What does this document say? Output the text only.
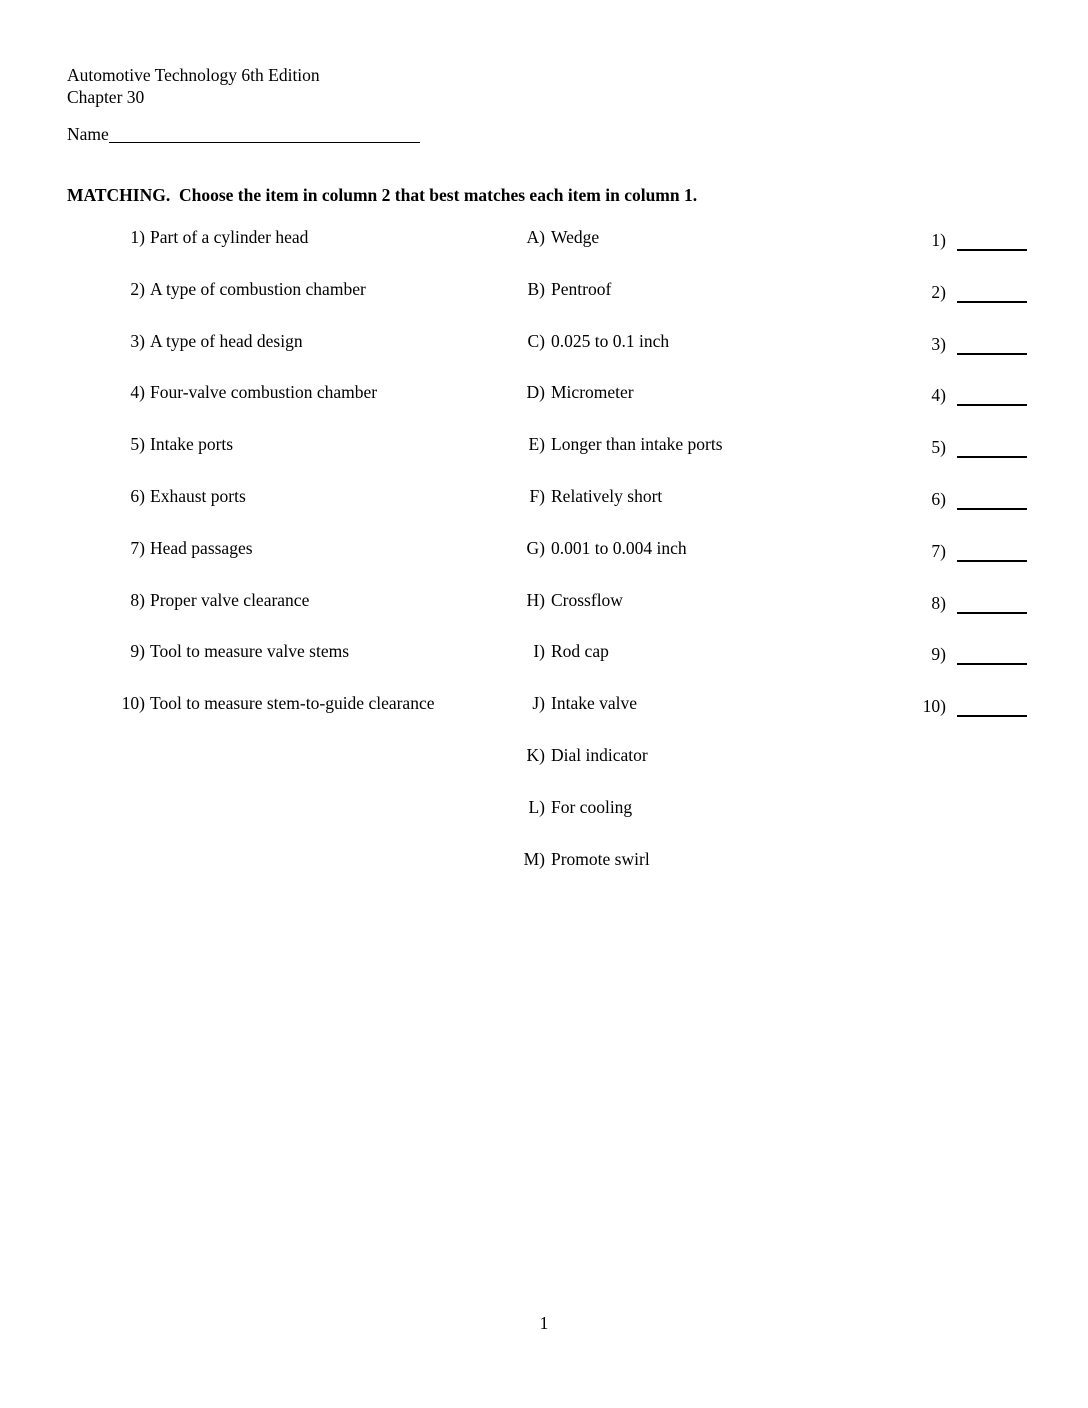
Automotive Technology 6th Edition
Chapter 30
Name
MATCHING.  Choose the item in column 2 that best matches each item in column 1.
1) Part of a cylinder head
2) A type of combustion chamber
3) A type of head design
4) Four-valve combustion chamber
5) Intake ports
6) Exhaust ports
7) Head passages
8) Proper valve clearance
9) Tool to measure valve stems
10) Tool to measure stem-to-guide clearance
A) Wedge
B) Pentroof
C) 0.025 to 0.1 inch
D) Micrometer
E) Longer than intake ports
F) Relatively short
G) 0.001 to 0.004 inch
H) Crossflow
I) Rod cap
J) Intake valve
K) Dial indicator
L) For cooling
M) Promote swirl
1)
2)
3)
4)
5)
6)
7)
8)
9)
10)
1
